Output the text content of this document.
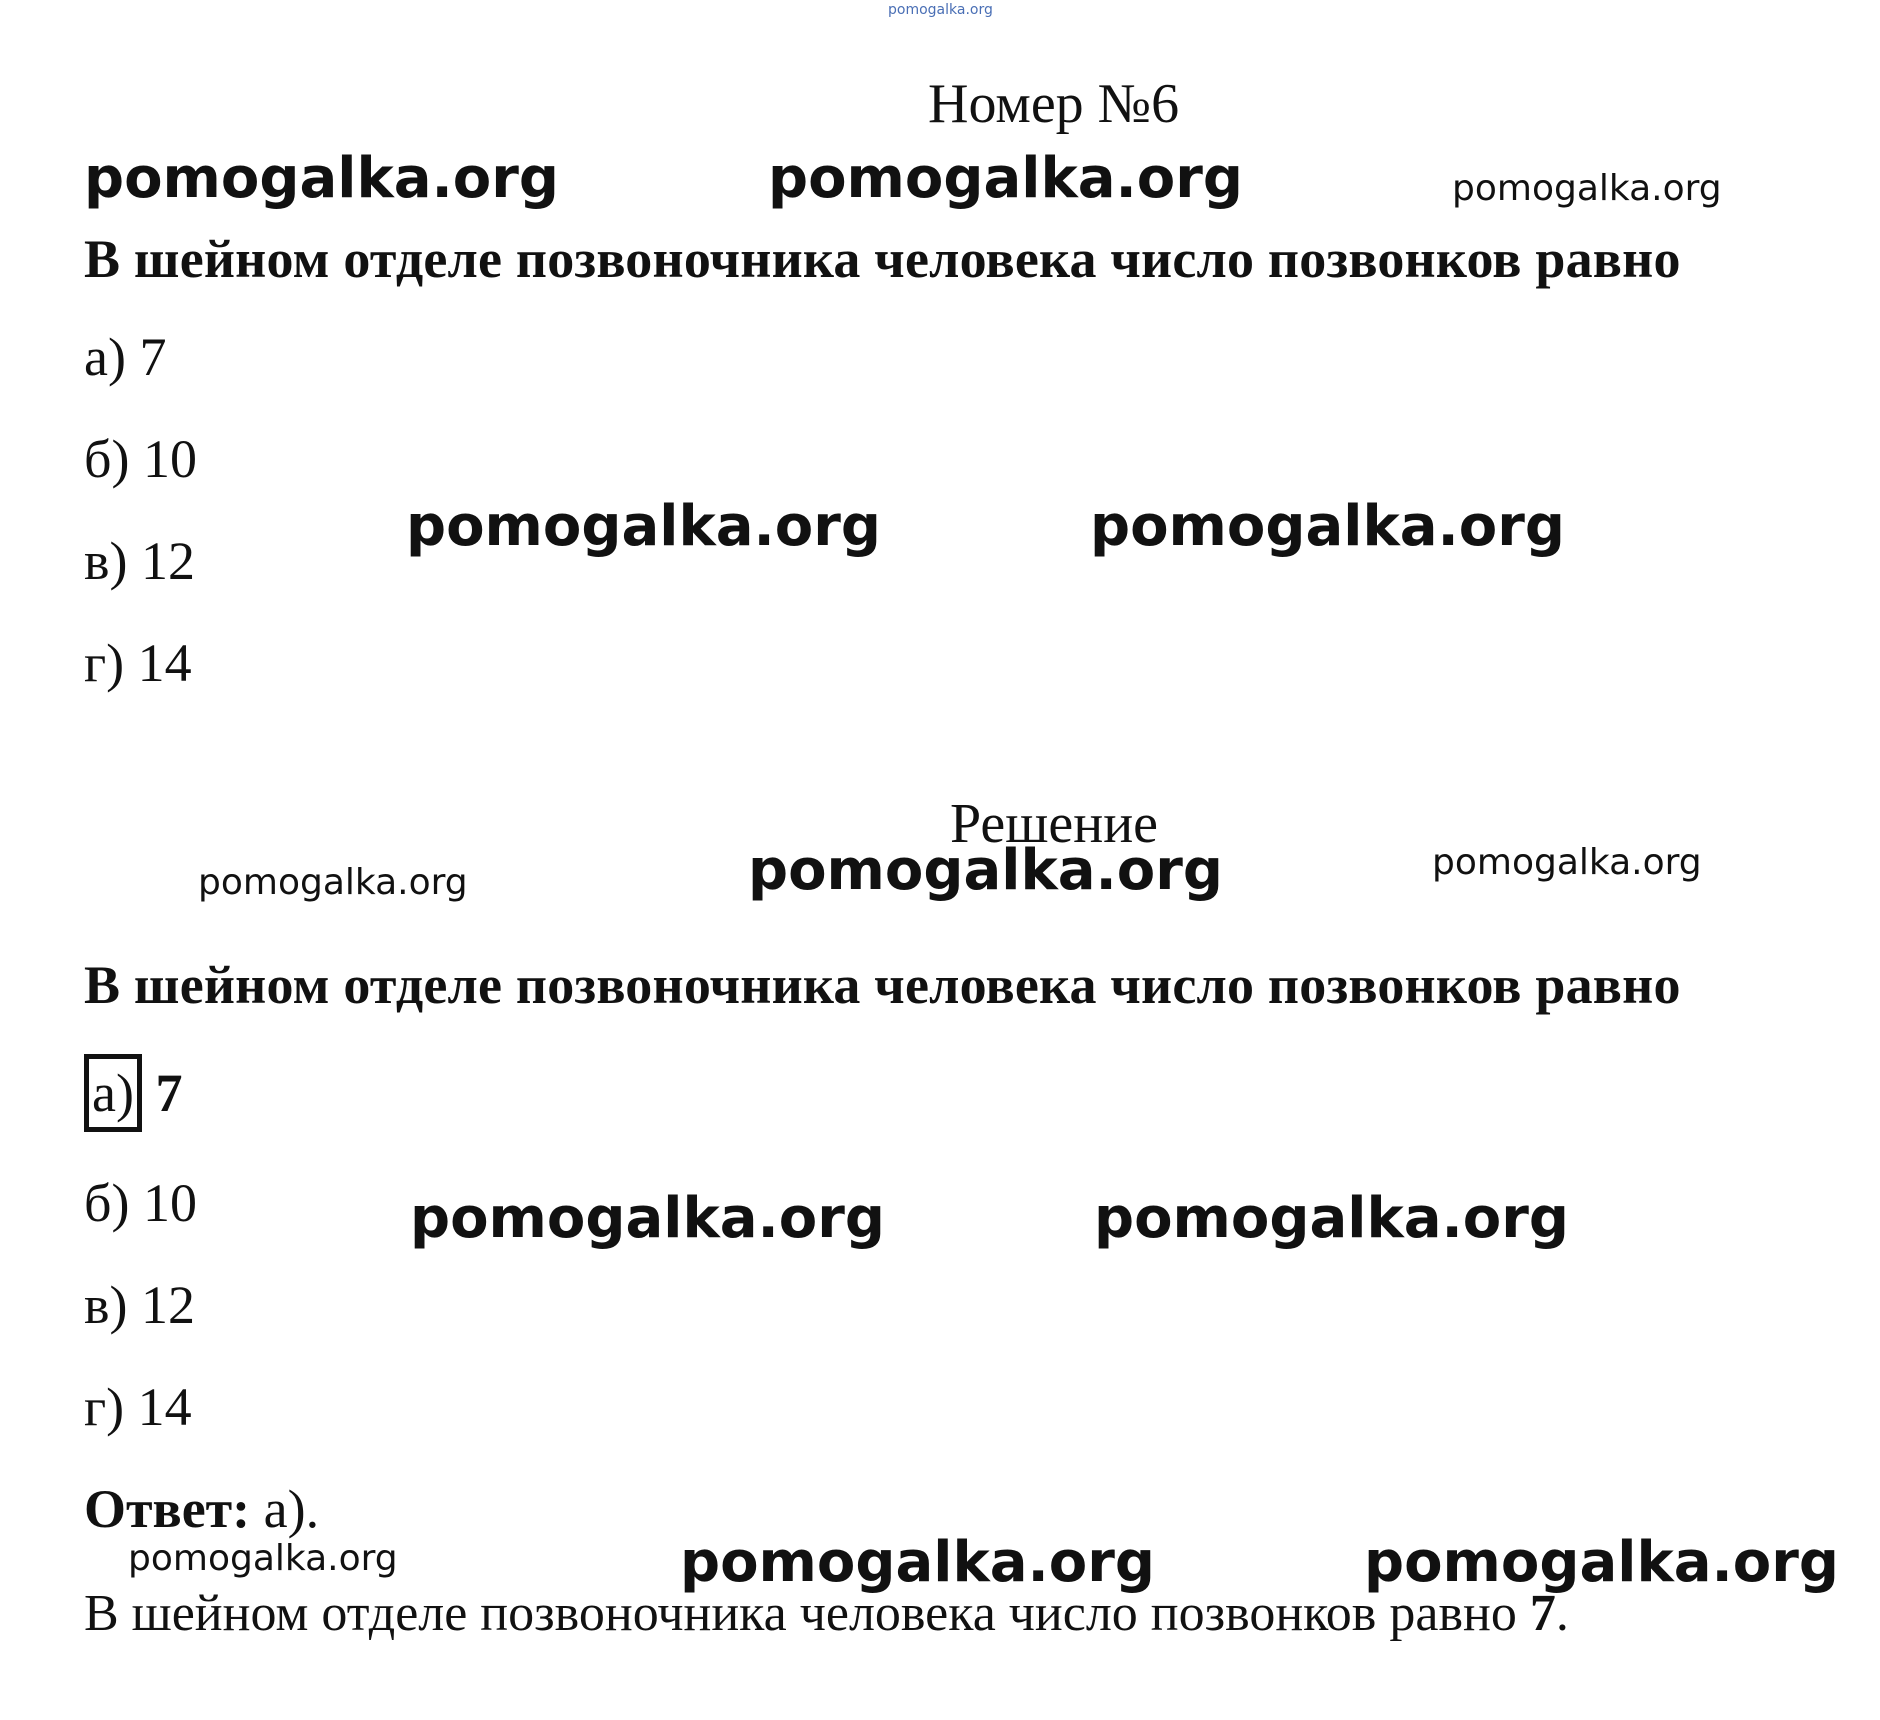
pomogalka.org
Номер №6
pomogalka.org	pomogalka.org	pomogalka.org
В шейном отделе позвоночника человека число позвонков равно
а) 7
б) 10
в) 12
г) 14
pomogalka.org	pomogalka.org
Решение
pomogalka.org	pomogalka.org	pomogalka.org
В шейном отделе позвоночника человека число позвонков равно
а) 7
б) 10
в) 12
г) 14
pomogalka.org	pomogalka.org
Ответ: а).
pomogalka.org	pomogalka.org	pomogalka.org
В шейном отделе позвоночника человека число позвонков равно 7.
